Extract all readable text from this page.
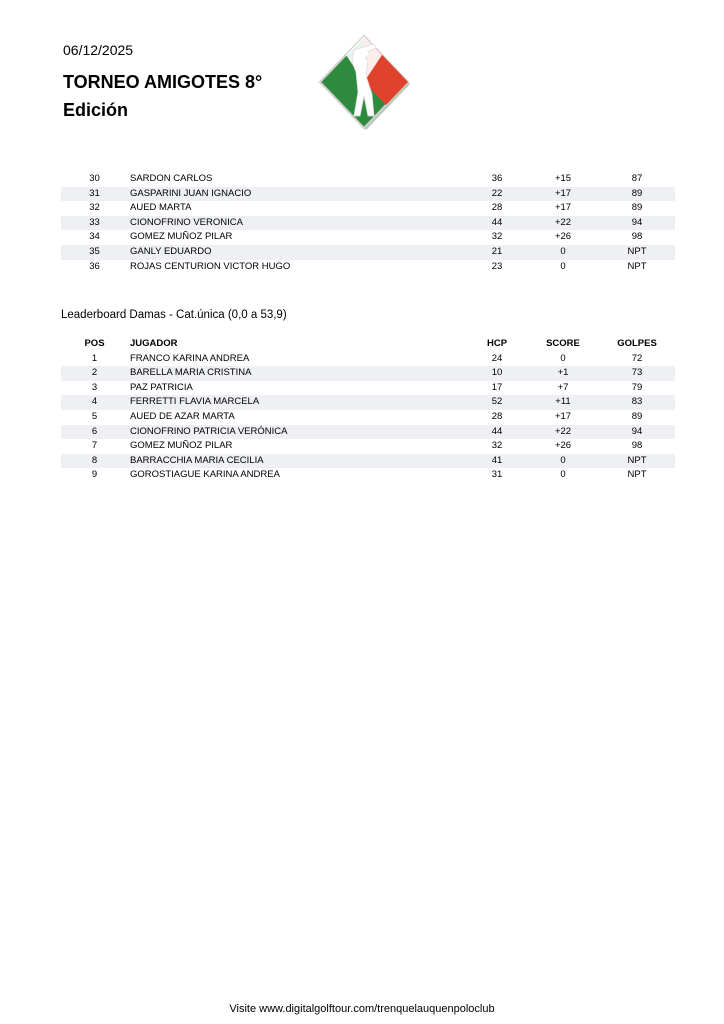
06/12/2025
TORNEO AMIGOTES 8°
Edición
30	SARDON CARLOS	36	+15	87
31	GASPARINI JUAN IGNACIO	22	+17	89
32	AUED MARTA	28	+17	89
33	CIONOFRINO VERONICA	44	+22	94
34	GOMEZ MUÑOZ PILAR	32	+26	98
35	GANLY EDUARDO	21	0	NPT
36	ROJAS CENTURION VICTOR HUGO	23	0	NPT
Leaderboard Damas - Cat.única (0,0 a 53,9)
POS	JUGADOR	HCP	SCORE	GOLPES
1	FRANCO KARINA ANDREA	24	0	72
2	BARELLA MARIA CRISTINA	10	+1	73
3	PAZ PATRICIA	17	+7	79
4	FERRETTI FLAVIA MARCELA	52	+11	83
5	AUED DE AZAR MARTA	28	+17	89
6	CIONOFRINO PATRICIA VERÓNICA	44	+22	94
7	GOMEZ MUÑOZ PILAR	32	+26	98
8	BARRACCHIA MARIA CECILIA	41	0	NPT
9	GOROSTIAGUE KARINA ANDREA	31	0	NPT
Visite www.digitalgolftour.com/trenquelauquenpoloclub
